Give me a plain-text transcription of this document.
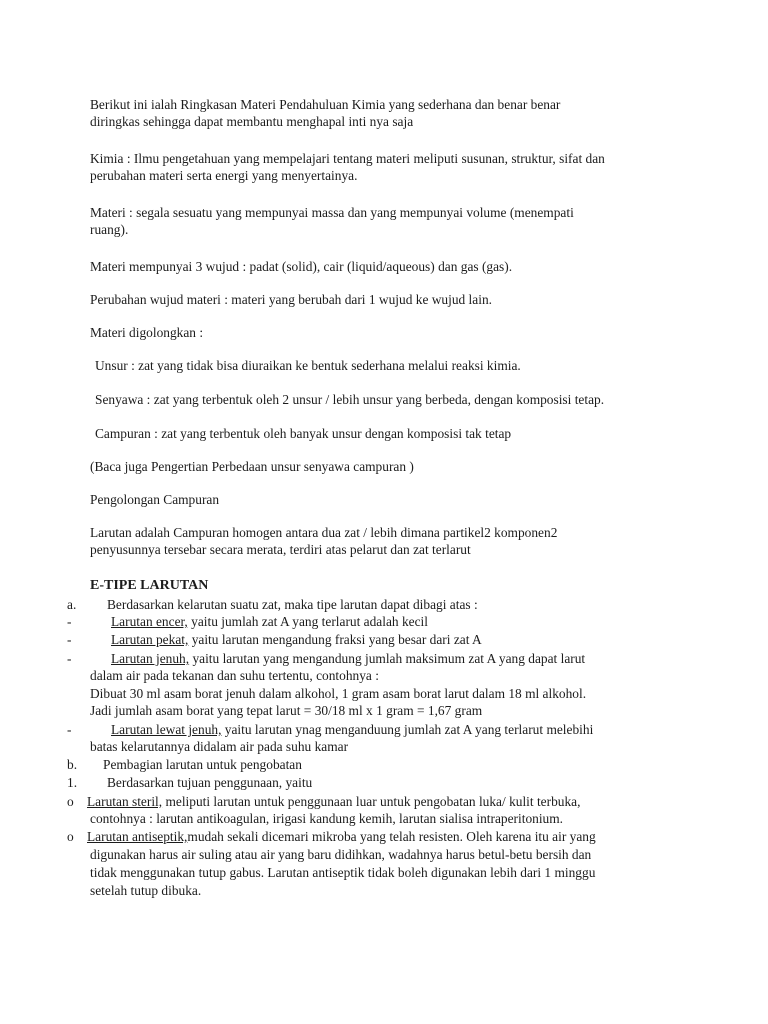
Berikut ini ialah Ringkasan Materi Pendahuluan Kimia yang sederhana dan benar benar
diringkas sehingga dapat membantu menghapal inti nya saja
Kimia : Ilmu pengetahuan yang mempelajari tentang materi meliputi susunan, struktur, sifat dan
perubahan materi serta energi yang menyertainya.
Materi : segala sesuatu yang mempunyai massa dan yang mempunyai volume (menempati
ruang).
Materi mempunyai 3 wujud : padat (solid), cair (liquid/aqueous) dan gas (gas).
Perubahan wujud materi : materi yang berubah dari 1 wujud ke wujud lain.
Materi digolongkan :
Unsur : zat yang tidak bisa diuraikan ke bentuk sederhana melalui reaksi kimia.
Senyawa : zat yang terbentuk oleh 2 unsur / lebih unsur yang berbeda, dengan komposisi tetap.
Campuran : zat yang terbentuk oleh banyak unsur dengan komposisi tak tetap
(Baca juga Pengertian Perbedaan unsur senyawa campuran )
Pengolongan Campuran
Larutan adalah Campuran homogen antara dua zat / lebih dimana partikel2 komponen2
penyusunnya tersebar secara merata, terdiri atas pelarut dan zat terlarut
E-TIPE LARUTAN
a. Berdasarkan kelarutan suatu zat, maka tipe larutan dapat dibagi atas :
-	Larutan encer, yaitu jumlah zat A yang terlarut adalah kecil
-	Larutan pekat, yaitu larutan mengandung fraksi yang besar dari zat A
-	Larutan jenuh, yaitu larutan yang mengandung jumlah maksimum zat A yang dapat larut
dalam air pada tekanan dan suhu tertentu, contohnya :
Dibuat 30 ml asam borat jenuh dalam alkohol, 1 gram asam borat larut dalam 18 ml alkohol.
Jadi jumlah asam borat yang tepat larut = 30/18 ml x 1 gram = 1,67 gram
-	Larutan lewat jenuh, yaitu larutan ynag menganduung jumlah zat A yang terlarut melebihi
batas kelarutannya didalam air pada suhu kamar
b. Pembagian larutan untuk pengobatan
1. Berdasarkan tujuan penggunaan, yaitu
o Larutan steril, meliputi larutan untuk penggunaan luar untuk pengobatan luka/ kulit terbuka,
contohnya : larutan antikoagulan, irigasi kandung kemih, larutan sialisa intraperitonium.
o Larutan antiseptik,mudah sekali dicemari mikroba yang telah resisten. Oleh karena itu air yang
digunakan harus air suling atau air yang baru didihkan, wadahnya harus betul-betu bersih dan
tidak menggunakan tutup gabus. Larutan antiseptik tidak boleh digunakan lebih dari 1 minggu
setelah tutup dibuka.
